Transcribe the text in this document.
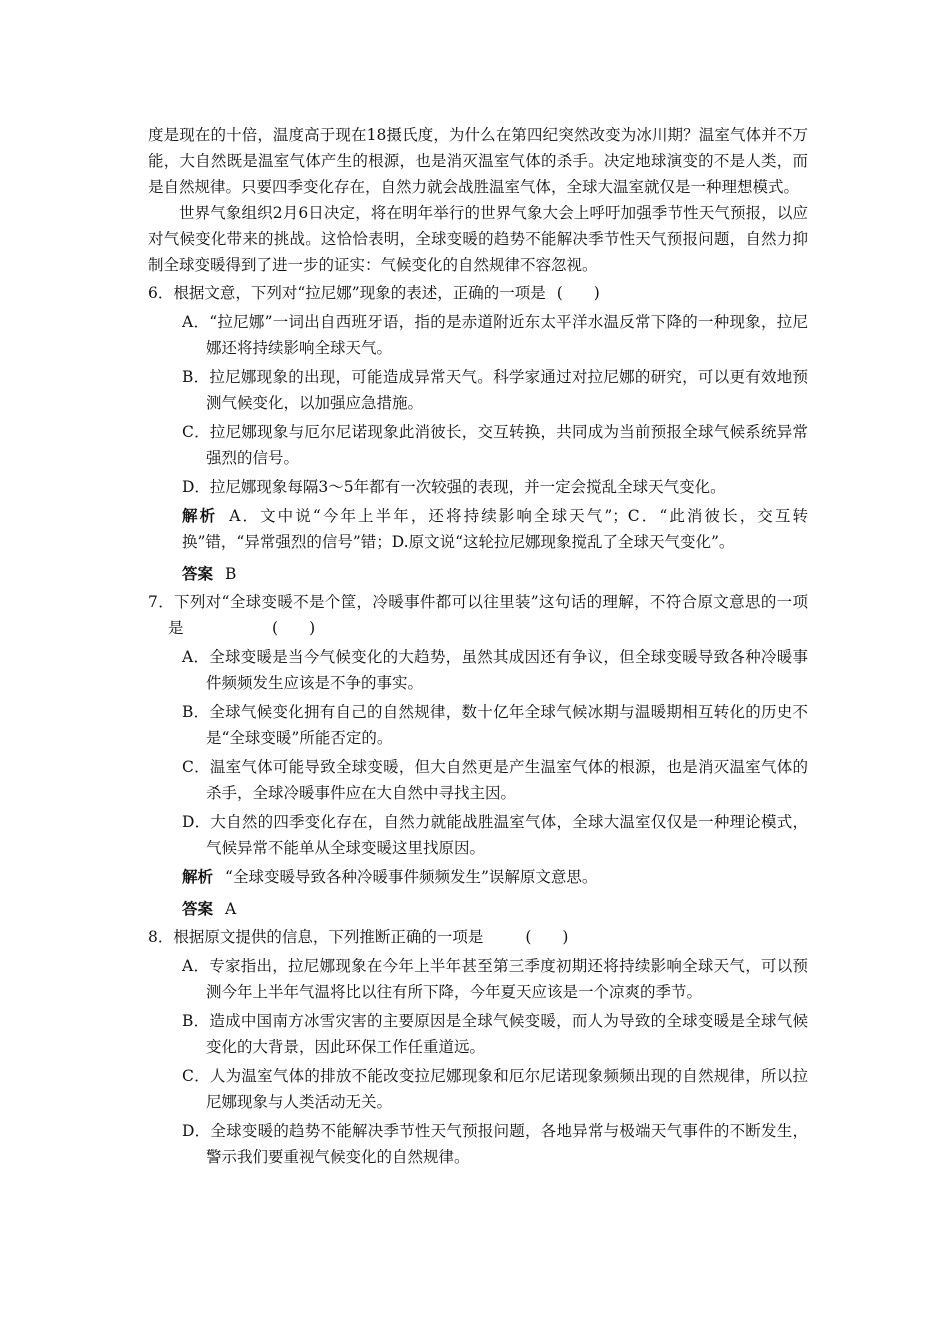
度是现在的十倍，温度高于现在18摄氏度，为什么在第四纪突然改变为冰川期？温室气体并不万能，大自然既是温室气体产生的根源，也是消灭温室气体的杀手。决定地球演变的不是人类，而是自然规律。只要四季变化存在，自然力就会战胜温室气体，全球大温室就仅是一种理想模式。

世界气象组织2月6日决定，将在明年举行的世界气象大会上呼吁加强季节性天气预报，以应对气候变化带来的挑战。这恰恰表明，全球变暖的趋势不能解决季节性天气预报问题，自然力抑制全球变暖得到了进一步的证实：气候变化的自然规律不容忽视。

6．根据文意，下列对“拉尼娜”现象的表述，正确的一项是   (　　)

A．“拉尼娜”一词出自西班牙语，指的是赤道附近东太平洋水温反常下降的一种现象，拉尼娜还将持续影响全球天气。

B．拉尼娜现象的出现，可能造成异常天气。科学家通过对拉尼娜的研究，可以更有效地预测气候变化，以加强应急措施。

C．拉尼娜现象与厄尔尼诺现象此消彼长，交互转换，共同成为当前预报全球气候系统异常强烈的信号。

D．拉尼娜现象每隔3～5年都有一次较强的表现，并一定会搅乱全球天气变化。

解析 A．文中说“今年上半年，还将持续影响全球天气”；C．“此消彼长，交互转换”错，“异常强烈的信号”错；D.原文说“这轮拉尼娜现象搅乱了全球天气变化”。

答案 B

7．下列对“全球变暖不是个筐，冷暖事件都可以往里装”这句话的理解，不符合原文意思的一项是       	(　　)

A．全球变暖是当今气候变化的大趋势，虽然其成因还有争议，但全球变暖导致各种冷暖事件频频发生应该是不争的事实。

B．全球气候变化拥有自己的自然规律，数十亿年全球气候冰期与温暖期相互转化的历史不是“全球变暖”所能否定的。

C．温室气体可能导致全球变暖，但大自然更是产生温室气体的根源，也是消灭温室气体的杀手，全球冷暖事件应在大自然中寻找主因。

D．大自然的四季变化存在，自然力就能战胜温室气体，全球大温室仅仅是一种理论模式，气候异常不能单从全球变暖这里找原因。

解析 “全球变暖导致各种冷暖事件频频发生”误解原文意思。

答案 A

8．根据原文提供的信息，下列推断正确的一项是    	(　　)

A．专家指出，拉尼娜现象在今年上半年甚至第三季度初期还将持续影响全球天气，可以预测今年上半年气温将比以往有所下降，今年夏天应该是一个凉爽的季节。

B．造成中国南方冰雪灾害的主要原因是全球气候变暖，而人为导致的全球变暖是全球气候变化的大背景，因此环保工作任重道远。

C．人为温室气体的排放不能改变拉尼娜现象和厄尔尼诺现象频频出现的自然规律，所以拉尼娜现象与人类活动无关。

D．全球变暖的趋势不能解决季节性天气预报问题，各地异常与极端天气事件的不断发生，警示我们要重视气候变化的自然规律。
